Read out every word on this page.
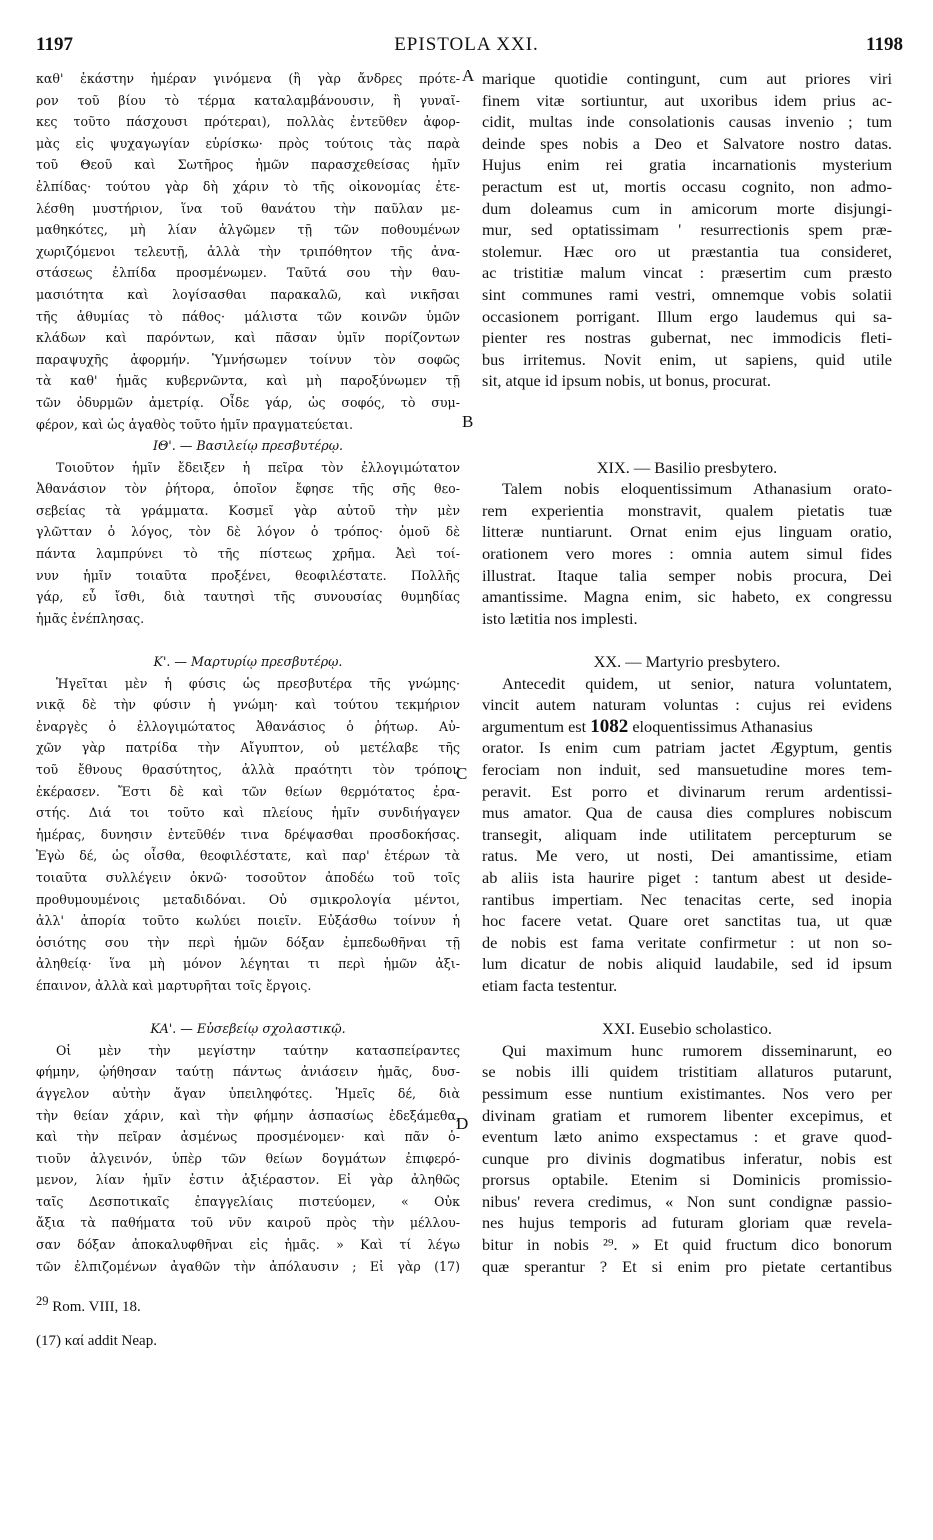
1197	EPISTOLA XXI.	1198
A
B
C
D
καθ' ἑκάστην ἡμέραν γινόμενα (ἢ γὰρ ἄνδρες πρότε-
ρον τοῦ βίου τὸ τέρμα καταλαμβάνουσιν, ἢ γυναῖ-
κες τοῦτο πάσχουσι πρότεραι), πολλὰς ἐντεῦθεν ἀφορ-
μὰς εἰς ψυχαγωγίαν εὑρίσκω· πρὸς τούτοις τὰς παρὰ
τοῦ Θεοῦ καὶ Σωτῆρος ἡμῶν παρασχεθείσας ἡμῖν
ἐλπίδας· τούτου γὰρ δὴ χάριν τὸ τῆς οἰκονομίας ἐτε-
λέσθη μυστήριον, ἵνα τοῦ θανάτου τὴν παῦλαν με-
μαθηκότες, μὴ λίαν ἀλγῶμεν τῇ τῶν ποθουμένων
χωριζόμενοι τελευτῇ, ἀλλὰ τὴν τριπόθητον τῆς ἀνα-
στάσεως ἐλπίδα προσμένωμεν. Ταῦτά σου τὴν θαυ-
μασιότητα καὶ λογίσασθαι παρακαλῶ, καὶ νικῆσαι
τῆς ἀθυμίας τὸ πάθος· μάλιστα τῶν κοινῶν ὑμῶν
κλάδων καὶ παρόντων, καὶ πᾶσαν ὑμῖν πορίζοντων
παραψυχῆς ἀφορμήν. Ὑμνήσωμεν τοίνυν τὸν σοφῶς
τὰ καθ' ἡμᾶς κυβερνῶντα, καὶ μὴ παροξύνωμεν τῇ
τῶν ὀδυρμῶν ἀμετρίᾳ. Οἶδε γάρ, ὡς σοφός, τὸ συμ-
φέρον, καὶ ὡς ἀγαθὸς τοῦτο ἡμῖν πραγματεύεται.
ΙΘ'. — Βασιλείῳ πρεσβυτέρῳ.
Τοιοῦτον ἡμῖν ἔδειξεν ἡ πεῖρα τὸν ἐλλογιμώτατον
Ἀθανάσιον τὸν ῥήτορα, ὁποῖον ἔφησε τῆς σῆς θεο-
σεβείας τὰ γράμματα. Κοσμεῖ γὰρ αὐτοῦ τὴν μὲν
γλῶτταν ὁ λόγος, τὸν δὲ λόγον ὁ τρόπος· ὁμοῦ δὲ
πάντα λαμπρύνει τὸ τῆς πίστεως χρῆμα. Ἀεὶ τοί-
νυν ἡμῖν τοιαῦτα προξένει, θεοφιλέστατε. Πολλῆς
γάρ, εὖ ἴσθι, διὰ ταυτησὶ τῆς συνουσίας θυμηδίας
ἡμᾶς ἐνέπλησας.
Κ'. — Μαρτυρίῳ πρεσβυτέρῳ.
Ἡγεῖται μὲν ἡ φύσις ὡς πρεσβυτέρα τῆς γνώμης·
νικᾷ δὲ τὴν φύσιν ἡ γνώμη· καὶ τούτου τεκμήριον
ἐναργὲς ὁ ἐλλογιμώτατος Ἀθανάσιος ὁ ῥήτωρ. Αὐ-
χῶν γὰρ πατρίδα τὴν Αἴγυπτον, οὐ μετέλαβε τῆς
τοῦ ἔθνους θρασύτητος, ἀλλὰ πραότητι τὸν τρόπον
ἐκέρασεν. Ἔστι δὲ καὶ τῶν θείων θερμότατος ἐρα-
στής. Διά τοι τοῦτο καὶ πλείους ἡμῖν συνδιήγαγεν
ἡμέρας, δυνησιν ἐντεῦθέν τινα δρέψασθαι προσδοκήσας.
Ἐγὼ δέ, ὡς οἶσθα, θεοφιλέστατε, καὶ παρ' ἑτέρων τὰ
τοιαῦτα συλλέγειν ὀκνῶ· τοσοῦτον ἀποδέω τοῦ τοῖς
προθυμουμένοις μεταδιδόναι. Οὐ σμικρολογία μέντοι,
ἀλλ' ἀπορία τοῦτο κωλύει ποιεῖν. Εὐξάσθω τοίνυν ἡ
ὁσιότης σου τὴν περὶ ἡμῶν δόξαν ἐμπεδωθῆναι τῇ
ἀληθείᾳ· ἵνα μὴ μόνον λέγηται τι περὶ ἡμῶν ἀξι-
έπαινον, ἀλλὰ καὶ μαρτυρῆται τοῖς ἔργοις.
ΚΑ'. — Εὐσεβείῳ σχολαστικῷ.
Οἱ μὲν τὴν μεγίστην ταύτην κατασπείραντες
φήμην, ᾠήθησαν ταύτῃ πάντως ἀνιάσειν ἡμᾶς, δυσ-
άγγελον αὐτὴν ἄγαν ὑπειληφότες. Ἡμεῖς δέ, διὰ
τὴν θείαν χάριν, καὶ τὴν φήμην ἀσπασίως ἐδεξάμεθα,
καὶ τὴν πεῖραν ἀσμένως προσμένομεν· καὶ πᾶν ὁ-
τιοῦν ἀλγεινόν, ὑπὲρ τῶν θείων δογμάτων ἐπιφερό-
μενον, λίαν ἡμῖν ἐστιν ἀξιέραστον. Εἰ γὰρ ἀληθῶς
ταῖς Δεσποτικαῖς ἐπαγγελίαις πιστεύομεν, « Οὐκ
ἄξια τὰ παθήματα τοῦ νῦν καιροῦ πρὸς τὴν μέλλου-
σαν δόξαν ἀποκαλυφθῆναι εἰς ἡμᾶς. » Καὶ τί λέγω
τῶν ἐλπιζομένων ἀγαθῶν τὴν ἀπόλαυσιν ; Εἰ γὰρ (17)
$^{29}$ Rom. VIII, 18.
(17) καί addit Neap.
marique quotidie contingunt, cum aut priores viri
finem vitæ sortiuntur, aut uxoribus idem prius ac-
cidit, multas inde consolationis causas invenio ; tum
deinde spes nobis a Deo et Salvatore nostro datas.
Hujus enim rei gratia incarnationis mysterium
peractum est ut, mortis occasu cognito, non admo-
dum doleamus cum in amicorum morte disjungi-
mur, sed optatissimam ' resurrectionis spem præ-
stolemur. Hæc oro ut præstantia tua consideret,
ac tristitiæ malum vincat : præsertim cum præsto
sint communes rami vestri, omnemque vobis solatii
occasionem porrigant. Illum ergo laudemus qui sa-
pienter res nostras gubernat, nec immodicis fleti-
bus irritemus. Novit enim, ut sapiens, quid utile
sit, atque id ipsum nobis, ut bonus, procurat.
XIX. — Basilio presbytero.
Talem nobis eloquentissimum Athanasium orato-
rem experientia monstravit, qualem pietatis tuæ
litteræ nuntiarunt. Ornat enim ejus linguam oratio,
orationem vero mores : omnia autem simul fides
illustrat. Itaque talia semper nobis procura, Dei
amantissime. Magna enim, sic habeto, ex congressu
isto lætitia nos implesti.
XX. — Martyrio presbytero.
Antecedit quidem, ut senior, natura voluntatem,
vincit autem naturam voluntas : cujus rei evidens
argumentum est 1082 eloquentissimus Athanasius
orator. Is enim cum patriam jactet Ægyptum, gentis
ferociam non induit, sed mansuetudine mores tem-
peravit. Est porro et divinarum rerum ardentissi-
mus amator. Qua de causa dies complures nobiscum
transegit, aliquam inde utilitatem percepturum se
ratus. Me vero, ut nosti, Dei amantissime, etiam
ab aliis ista haurire piget : tantum abest ut deside-
rantibus impertiam. Nec tenacitas certe, sed inopia
hoc facere vetat. Quare oret sanctitas tua, ut quæ
de nobis est fama veritate confirmetur : ut non so-
lum dicatur de nobis aliquid laudabile, sed id ipsum
etiam facta testentur.
XXI. Eusebio scholastico.
Qui maximum hunc rumorem disseminarunt, eo
se nobis illi quidem tristitiam allaturos putarunt,
pessimum esse nuntium existimantes. Nos vero per
divinam gratiam et rumorem libenter excepimus, et
eventum læto animo exspectamus : et grave quod-
cunque pro divinis dogmatibus inferatur, nobis est
prorsus optabile. Etenim si Dominicis promissio-
nibus' revera credimus, « Non sunt condignæ passio-
nes hujus temporis ad futuram gloriam quæ revela-
bitur in nobis ²⁹. » Et quid fructum dico bonorum
quæ sperantur ? Et si enim pro pietate certantibus
